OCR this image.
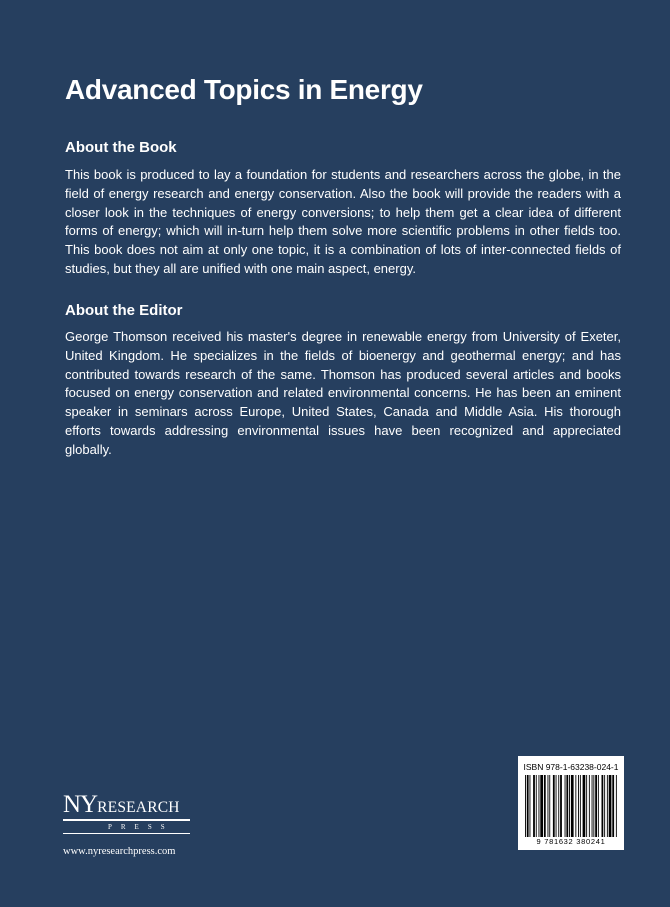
Advanced Topics in Energy
About the Book

This book is produced to lay a foundation for students and researchers across the globe, in the field of energy research and energy conservation. Also the book will provide the readers with a closer look in the techniques of energy conversions; to help them get a clear idea of different forms of energy; which will in-turn help them solve more scientific problems in other fields too. This book does not aim at only one topic, it is a combination of lots of inter-connected fields of studies, but they all are unified with one main aspect, energy.

About the Editor

George Thomson received his master's degree in renewable energy from University of Exeter, United Kingdom. He specializes in the fields of bioenergy and geothermal energy; and has contributed towards research of the same. Thomson has produced several articles and books focused on energy conservation and related environmental concerns. He has been an eminent speaker in seminars across Europe, United States, Canada and Middle Asia. His thorough efforts towards addressing environmental issues have been recognized and appreciated globally.

NYRESEARCH
PRESS
www.nyresearchpress.com
ISBN 978-1-63238-024-1
9 781632 380241
